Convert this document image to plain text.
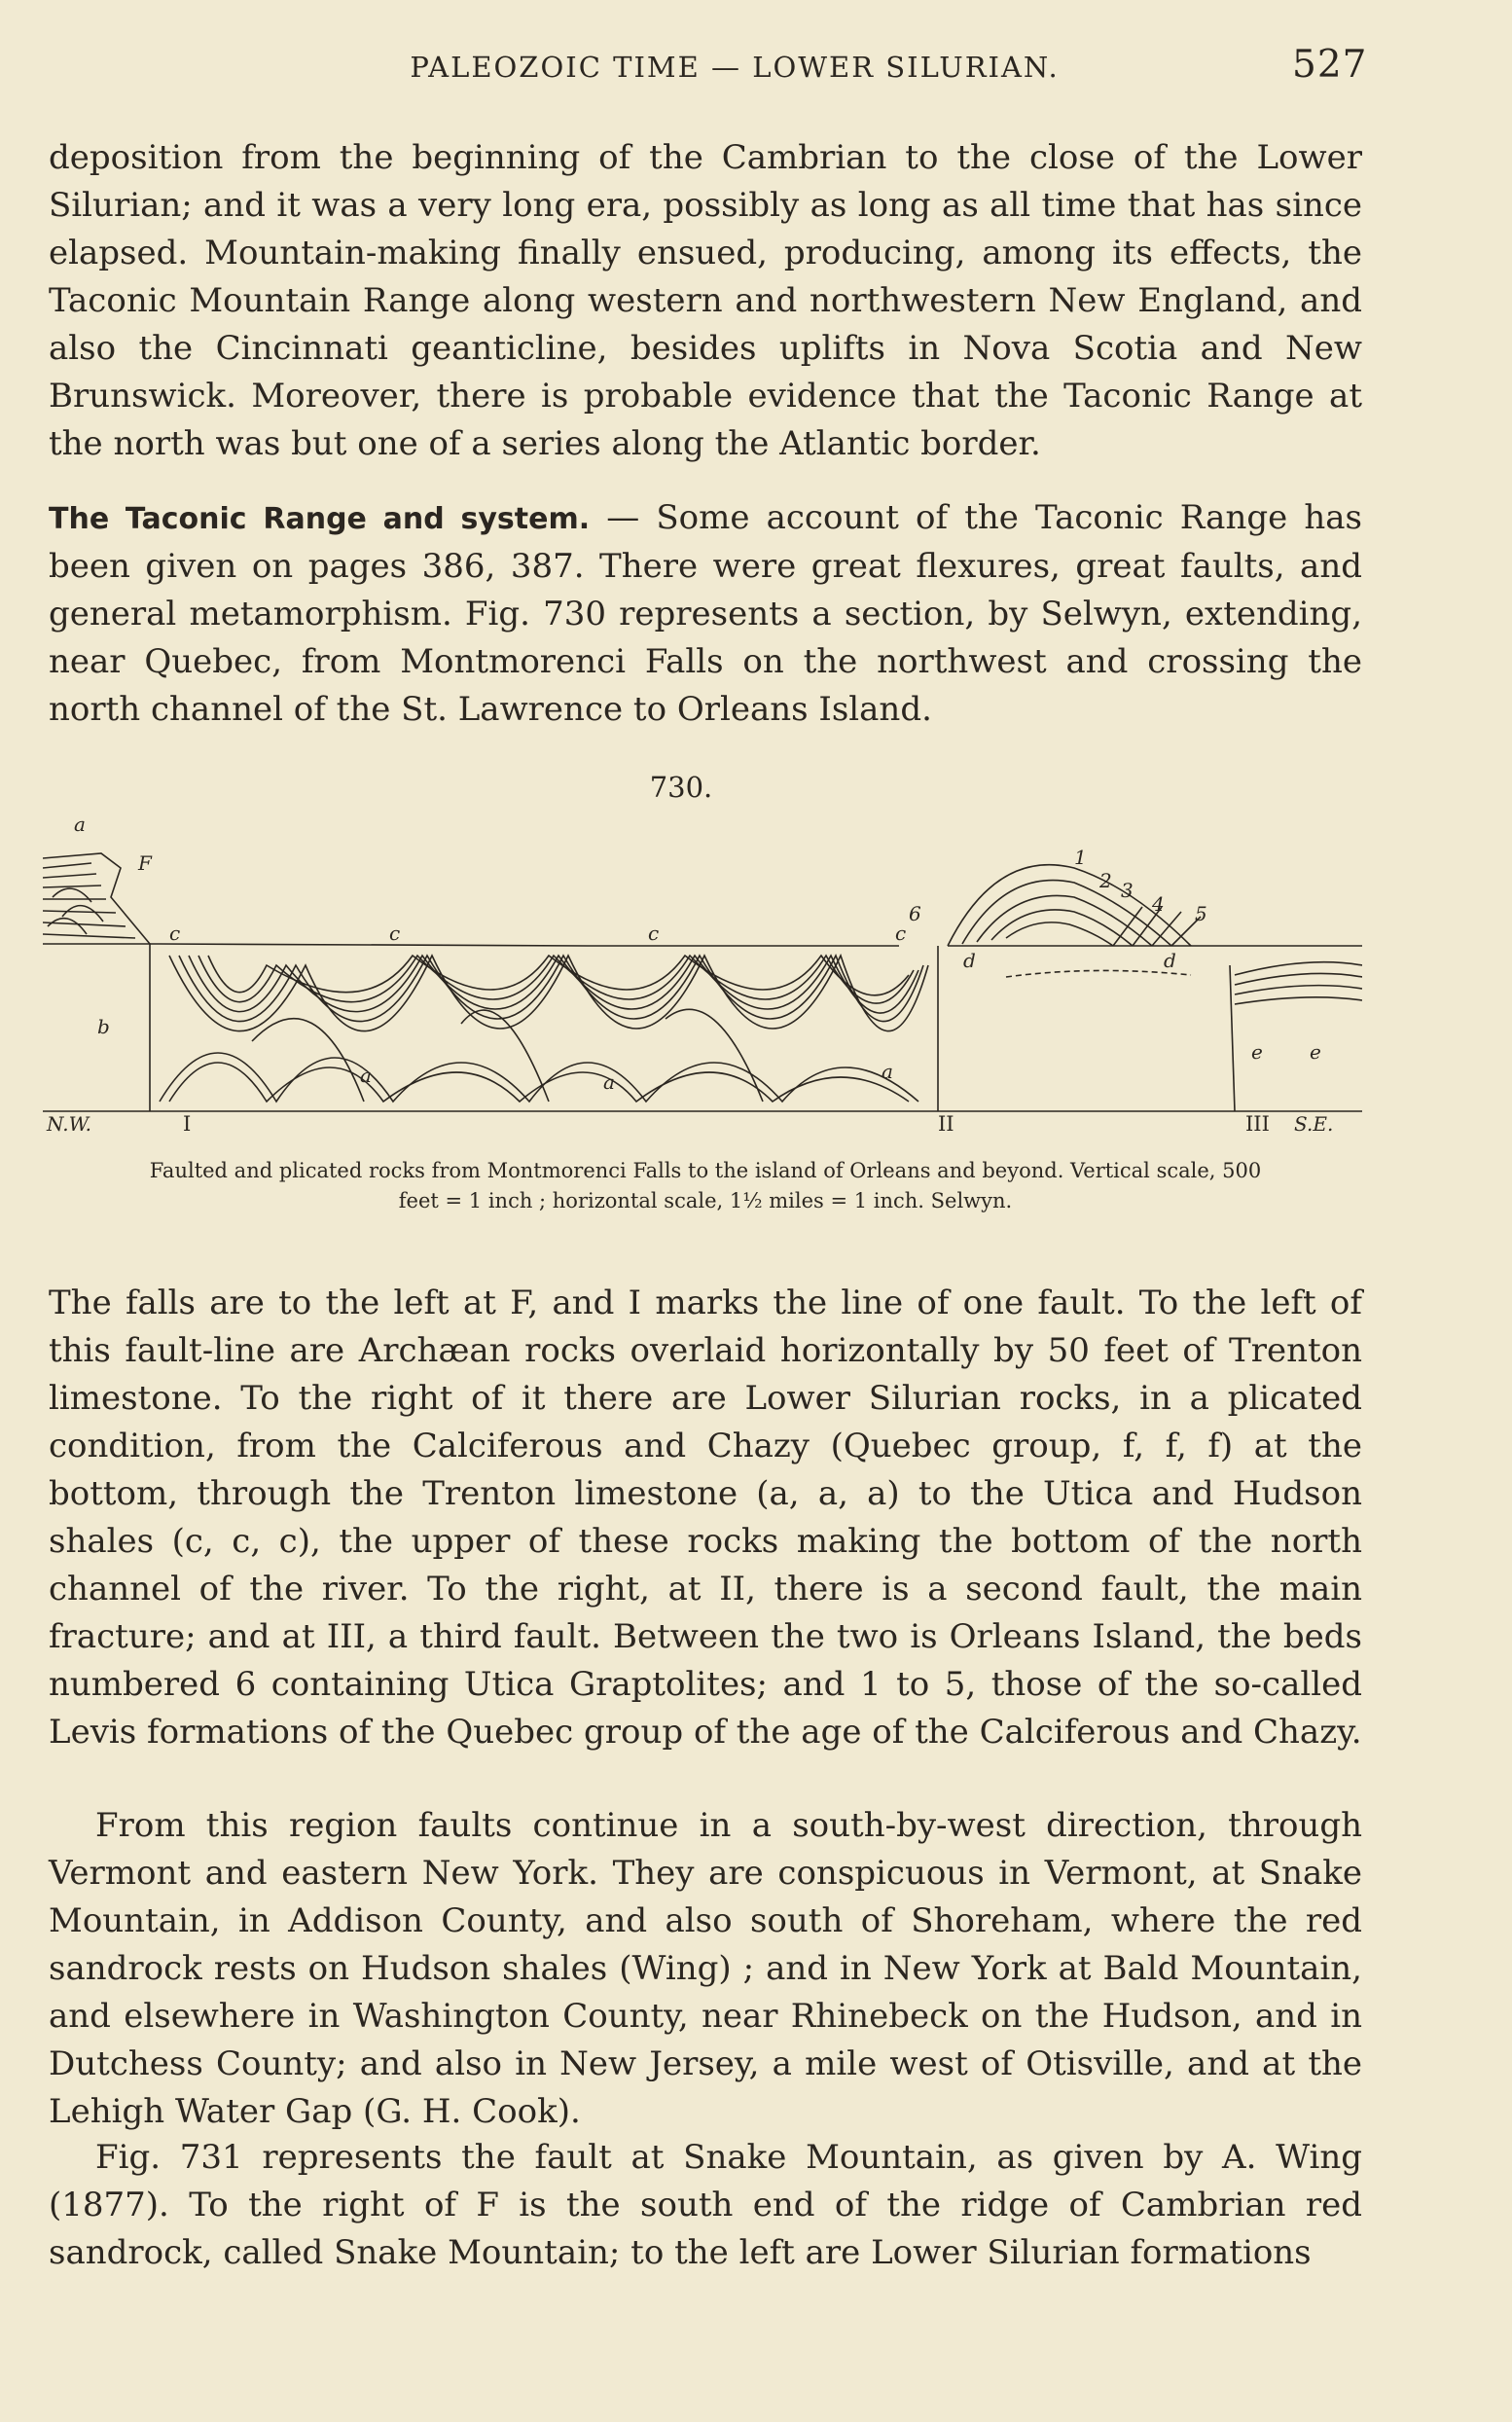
PALEOZOIC TIME — LOWER SILURIAN.	527

deposition from the beginning of the Cambrian to the close of the Lower Silurian; and it was a very long era, possibly as long as all time that has since elapsed. Mountain-making finally ensued, producing, among its effects, the Taconic Mountain Range along western and northwestern New England, and also the Cincinnati geanticline, besides uplifts in Nova Scotia and New Brunswick. Moreover, there is probable evidence that the Taconic Range at the north was but one of a series along the Atlantic border.

The Taconic Range and system. — Some account of the Taconic Range has been given on pages 386, 387. There were great flexures, great faults, and general metamorphism. Fig. 730 represents a section, by Selwyn, extending, near Quebec, from Montmorenci Falls on the northwest and crossing the north channel of the St. Lawrence to Orleans Island.

730.
a
F
c	c	c	c
b
a	a	a
1
2 3
4 5
6
d	d
e e
N.W.	I	II	III S.E.
Faulted and plicated rocks from Montmorenci Falls to the island of Orleans and beyond. Vertical scale, 500
feet = 1 inch ; horizontal scale, 1½ miles = 1 inch. Selwyn.

The falls are to the left at F, and I marks the line of one fault. To the left of this fault-line are Archæan rocks overlaid horizontally by 50 feet of Trenton limestone. To the right of it there are Lower Silurian rocks, in a plicated condition, from the Calciferous and Chazy (Quebec group, f, f, f) at the bottom, through the Trenton limestone (a, a, a) to the Utica and Hudson shales (c, c, c), the upper of these rocks making the bottom of the north channel of the river. To the right, at II, there is a second fault, the main fracture; and at III, a third fault. Between the two is Orleans Island, the beds numbered 6 containing Utica Graptolites; and 1 to 5, those of the so-called Levis formations of the Quebec group of the age of the Calciferous and Chazy.

From this region faults continue in a south-by-west direction, through Vermont and eastern New York. They are conspicuous in Vermont, at Snake Mountain, in Addison County, and also south of Shoreham, where the red sandrock rests on Hudson shales (Wing) ; and in New York at Bald Mountain, and elsewhere in Washington County, near Rhinebeck on the Hudson, and in Dutchess County; and also in New Jersey, a mile west of Otisville, and at the Lehigh Water Gap (G. H. Cook).

Fig. 731 represents the fault at Snake Mountain, as given by A. Wing (1877). To the right of F is the south end of the ridge of Cambrian red sandrock, called Snake Mountain; to the left are Lower Silurian formations
